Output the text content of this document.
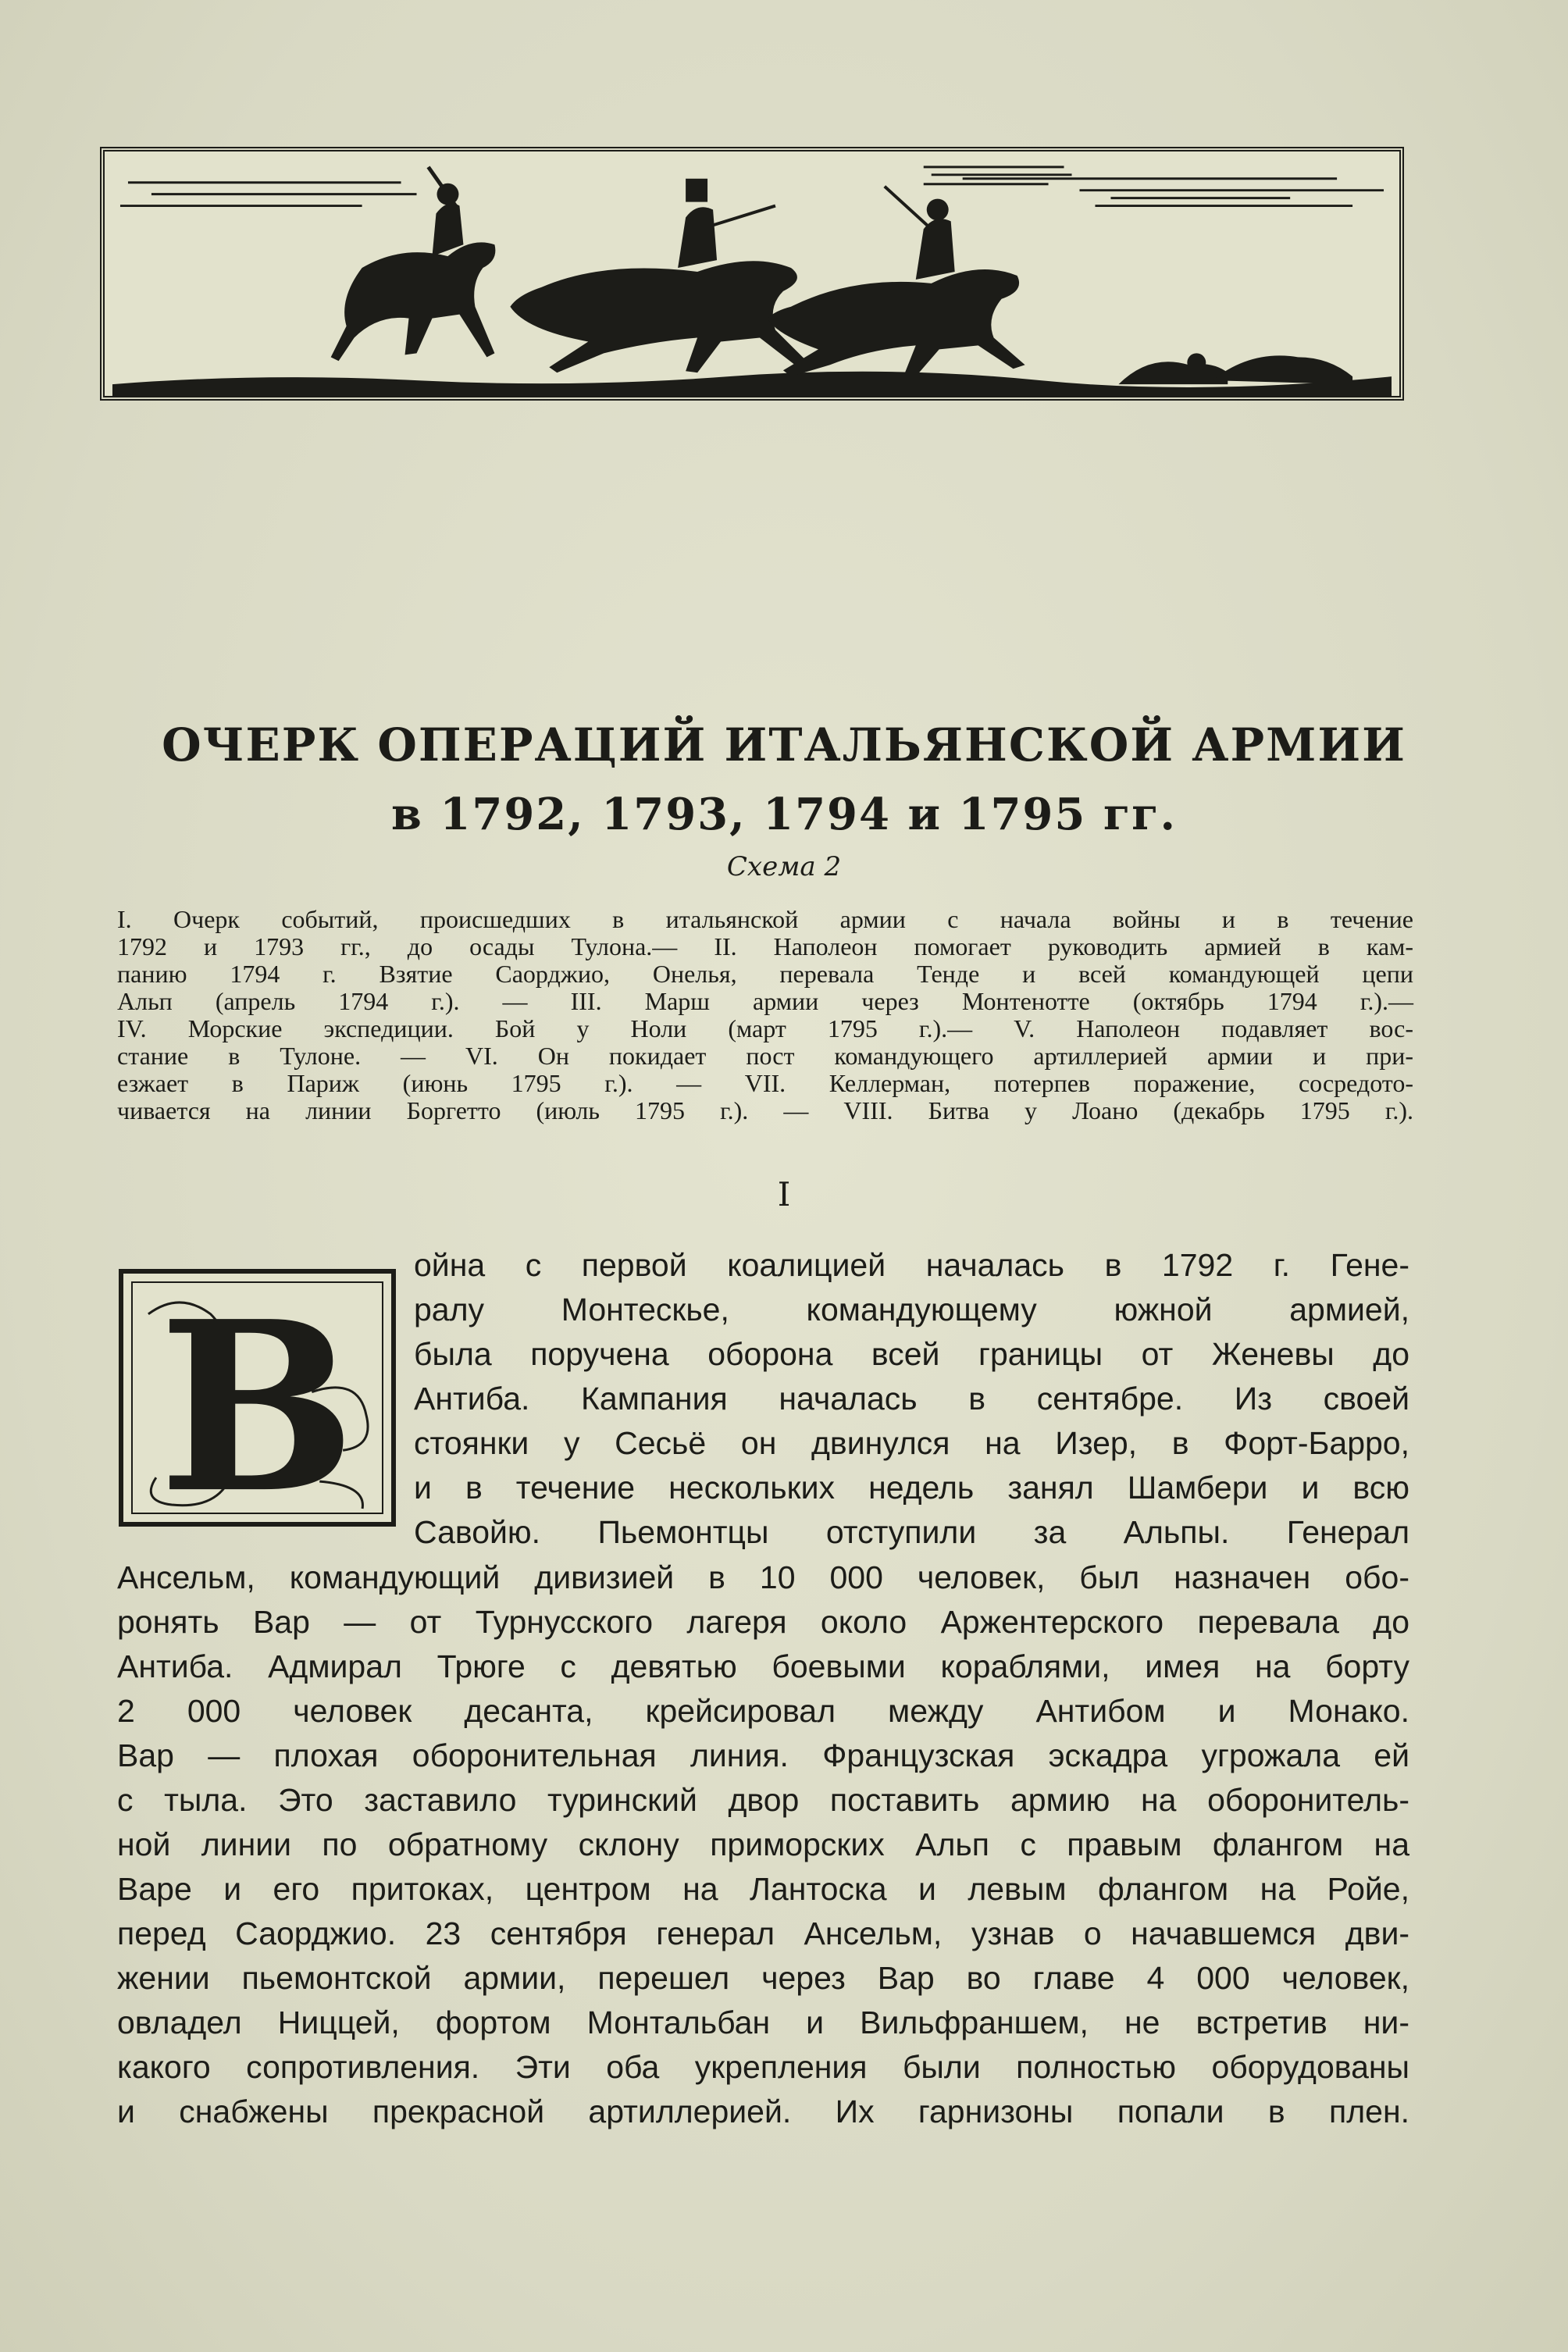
ОЧЕРК ОПЕРАЦИЙ ИТАЛЬЯНСКОЙ АРМИИ
в 1792, 1793, 1794 и 1795 гг.
Схема 2
I. Очерк событий, происшедших в итальянской армии с начала войны и в течение
1792 и 1793 гг., до осады Тулона.— II. Наполеон помогает руководить армией в кам-
панию 1794 г. Взятие Саорджио, Онелья, перевала Тенде и всей командующей цепи
Альп (апрель 1794 г.). — III. Марш армии через Монтенотте (октябрь 1794 г.).—
IV. Морские экспедиции. Бой у Ноли (март 1795 г.).— V. Наполеон подавляет вос-
стание в Тулоне. — VI. Он покидает пост командующего артиллерией армии и при-
езжает в Париж (июнь 1795 г.). — VII. Келлерман, потерпев поражение, сосредото-
чивается на линии Боргетто (июль 1795 г.). — VIII. Битва у Лоано (декабрь 1795 г.).
I
В
ойна с первой коалицией началась в 1792 г. Гене-
ралу Монтескье, командующему южной армией,
была поручена оборона всей границы от Женевы до
Антиба. Кампания началась в сентябре. Из своей
стоянки у Сесьё он двинулся на Изер, в Форт-Барро,
и в течение нескольких недель занял Шамбери и всю
Савойю. Пьемонтцы отступили за Альпы. Генерал
Ансельм, командующий дивизией в 10 000 человек, был назначен обо-
ронять Вар — от Турнусского лагеря около Аржентерского перевала до
Антиба. Адмирал Трюге с девятью боевыми кораблями, имея на борту
2 000 человек десанта, крейсировал между Антибом и Монако.
Вар — плохая оборонительная линия. Французская эскадра угрожала ей
с тыла. Это заставило туринский двор поставить армию на оборонитель-
ной линии по обратному склону приморских Альп с правым флангом на
Варе и его притоках, центром на Лантоска и левым флангом на Ройе,
перед Саорджио. 23 сентября генерал Ансельм, узнав о начавшемся дви-
жении пьемонтской армии, перешел через Вар во главе 4 000 человек,
овладел Ниццей, фортом Монтальбан и Вильфраншем, не встретив ни-
какого сопротивления. Эти оба укрепления были полностью оборудованы
и снабжены прекрасной артиллерией. Их гарнизоны попали в плен.
